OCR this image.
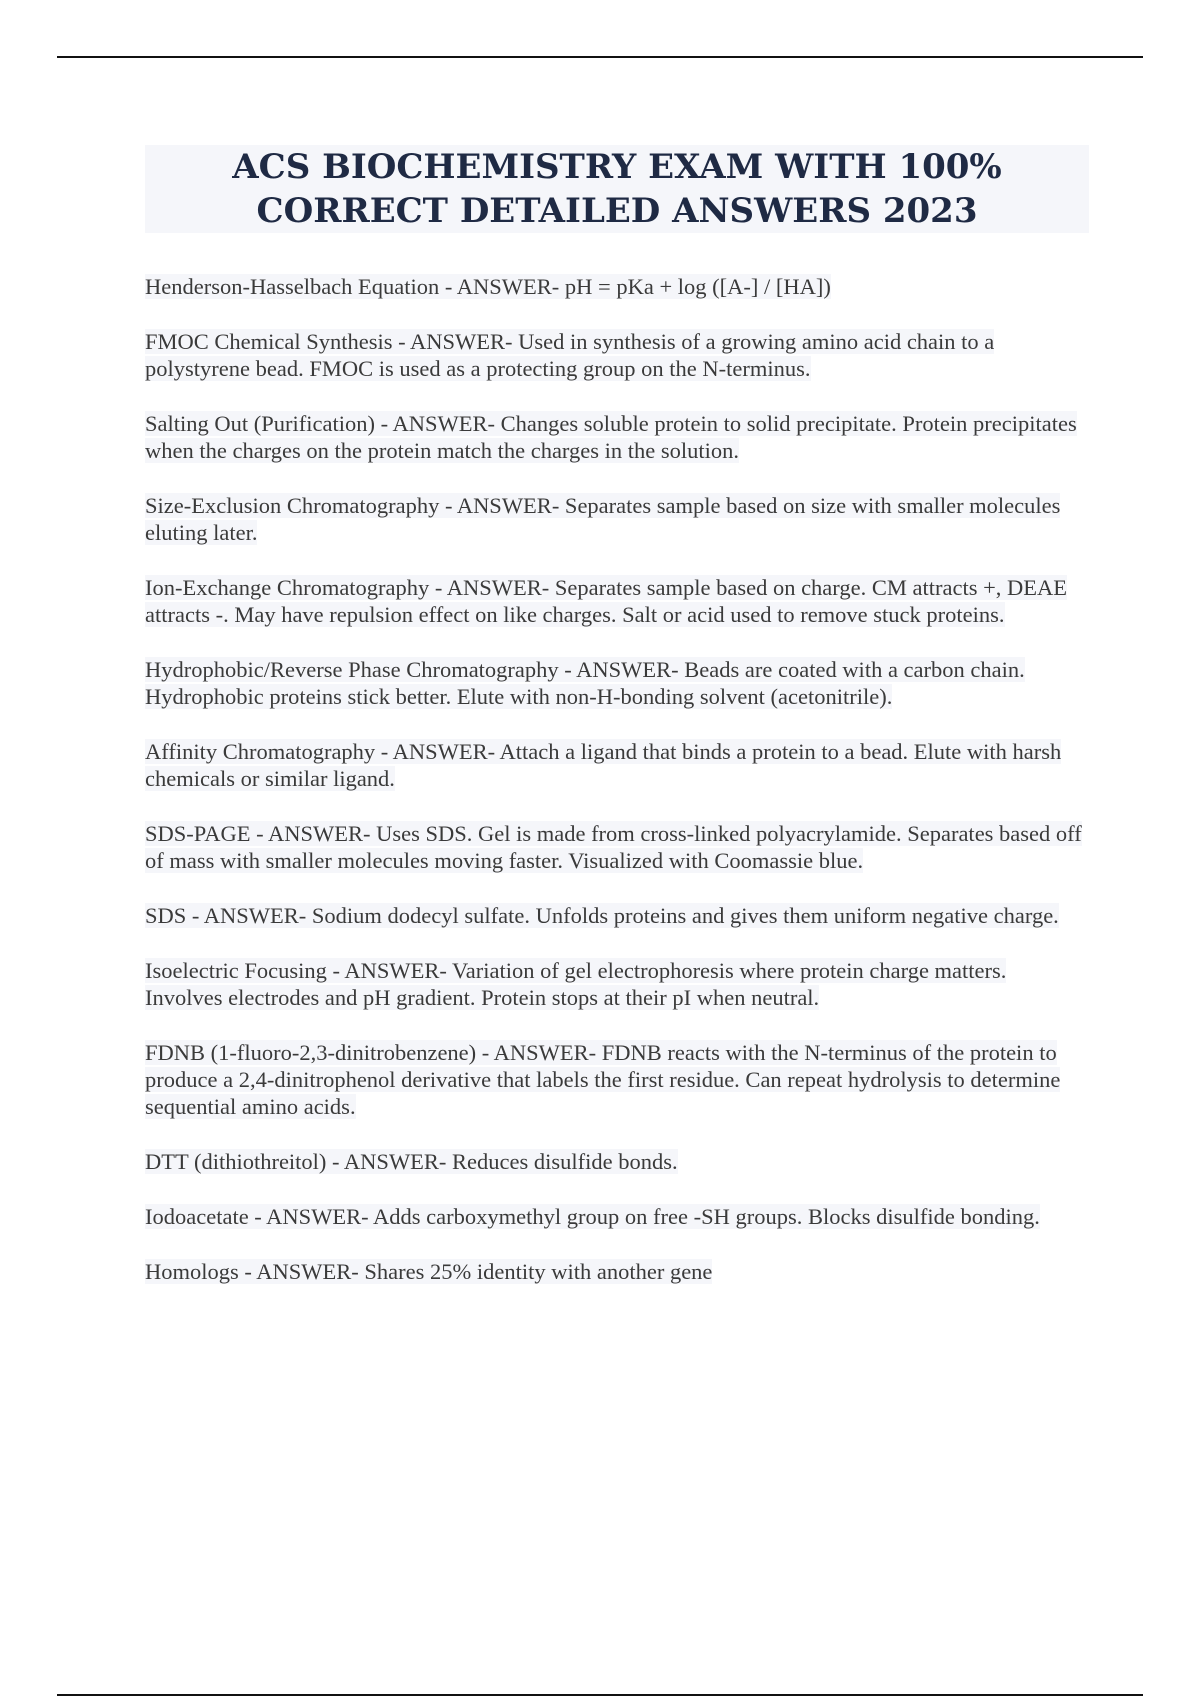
ACS BIOCHEMISTRY EXAM WITH 100%
CORRECT DETAILED ANSWERS 2023
Henderson-Hasselbach Equation - ANSWER- pH = pKa + log ([A-] / [HA])
FMOC Chemical Synthesis - ANSWER- Used in synthesis of a growing amino acid chain to a polystyrene bead. FMOC is used as a protecting group on the N-terminus.
Salting Out (Purification) - ANSWER- Changes soluble protein to solid precipitate. Protein precipitates when the charges on the protein match the charges in the solution.
Size-Exclusion Chromatography - ANSWER- Separates sample based on size with smaller molecules eluting later.
Ion-Exchange Chromatography - ANSWER- Separates sample based on charge. CM attracts +, DEAE attracts -. May have repulsion effect on like charges. Salt or acid used to remove stuck proteins.
Hydrophobic/Reverse Phase Chromatography - ANSWER- Beads are coated with a carbon chain. Hydrophobic proteins stick better. Elute with non-H-bonding solvent (acetonitrile).
Affinity Chromatography - ANSWER- Attach a ligand that binds a protein to a bead. Elute with harsh chemicals or similar ligand.
SDS-PAGE - ANSWER- Uses SDS. Gel is made from cross-linked polyacrylamide. Separates based off of mass with smaller molecules moving faster. Visualized with Coomassie blue.
SDS - ANSWER- Sodium dodecyl sulfate. Unfolds proteins and gives them uniform negative charge.
Isoelectric Focusing - ANSWER- Variation of gel electrophoresis where protein charge matters. Involves electrodes and pH gradient. Protein stops at their pI when neutral.
FDNB (1-fluoro-2,3-dinitrobenzene) - ANSWER- FDNB reacts with the N-terminus of the protein to produce a 2,4-dinitrophenol derivative that labels the first residue. Can repeat hydrolysis to determine sequential amino acids.
DTT (dithiothreitol) - ANSWER- Reduces disulfide bonds.
Iodoacetate - ANSWER- Adds carboxymethyl group on free -SH groups. Blocks disulfide bonding.
Homologs - ANSWER- Shares 25% identity with another gene
